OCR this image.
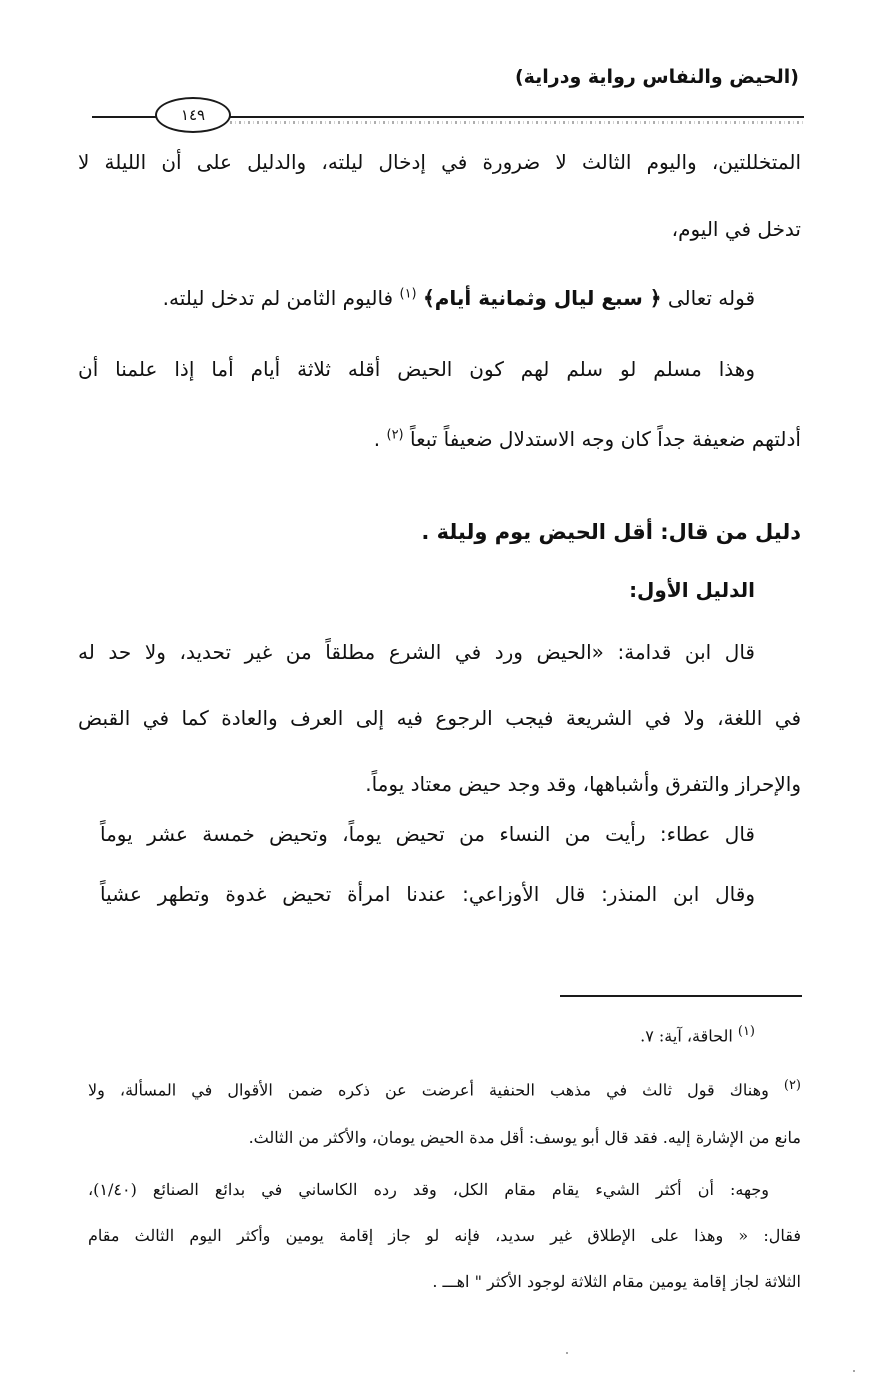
(الحيض والنفاس رواية ودراية)
١٤٩
المتخللتين، واليوم الثالث لا ضرورة في إدخال ليلته، والدليل على أن الليلة لا
تدخل في اليوم،
قوله تعالى ﴿ سبع ليال وثمانية أيام﴾ $^{(١)}$ فاليوم الثامن لم تدخل ليلته.
وهذا مسلم لو سلم لهم كون الحيض أقله ثلاثة أيام أما إذا علمنا أن
أدلتهم ضعيفة جداً كان وجه الاستدلال ضعيفاً تبعاً $^{(٢)}$ .
دليل من قال: أقل الحيض يوم وليلة .
الدليل الأول:
قال ابن قدامة: «الحيض ورد في الشرع مطلقاً من غير تحديد، ولا حد له
في اللغة، ولا في الشريعة فيجب الرجوع فيه إلى العرف والعادة كما في القبض
والإحراز والتفرق وأشباهها، وقد وجد حيض معتاد يوماً.
قال عطاء: رأيت من النساء من تحيض يوماً، وتحيض خمسة عشر يوماً
وقال ابن المنذر: قال الأوزاعي: عندنا امرأة تحيض غدوة وتطهر عشياً
$^{(١)}$ الحاقة، آية: ٧.
$^{(٢)}$ وهناك قول ثالث في مذهب الحنفية أعرضت عن ذكره ضمن الأقوال في المسألة، ولا
مانع من الإشارة إليه. فقد قال أبو يوسف: أقل مدة الحيض يومان، والأكثر من الثالث.
وجهه: أن أكثر الشيء يقام مقام الكل، وقد رده الكاساني في بدائع الصنائع (١/٤٠)،
فقال: « وهذا على الإطلاق غير سديد، فإنه لو جاز إقامة يومين وأكثر اليوم الثالث مقام
الثلاثة لجاز إقامة يومين مقام الثلاثة لوجود الأكثر " اهـــ .
